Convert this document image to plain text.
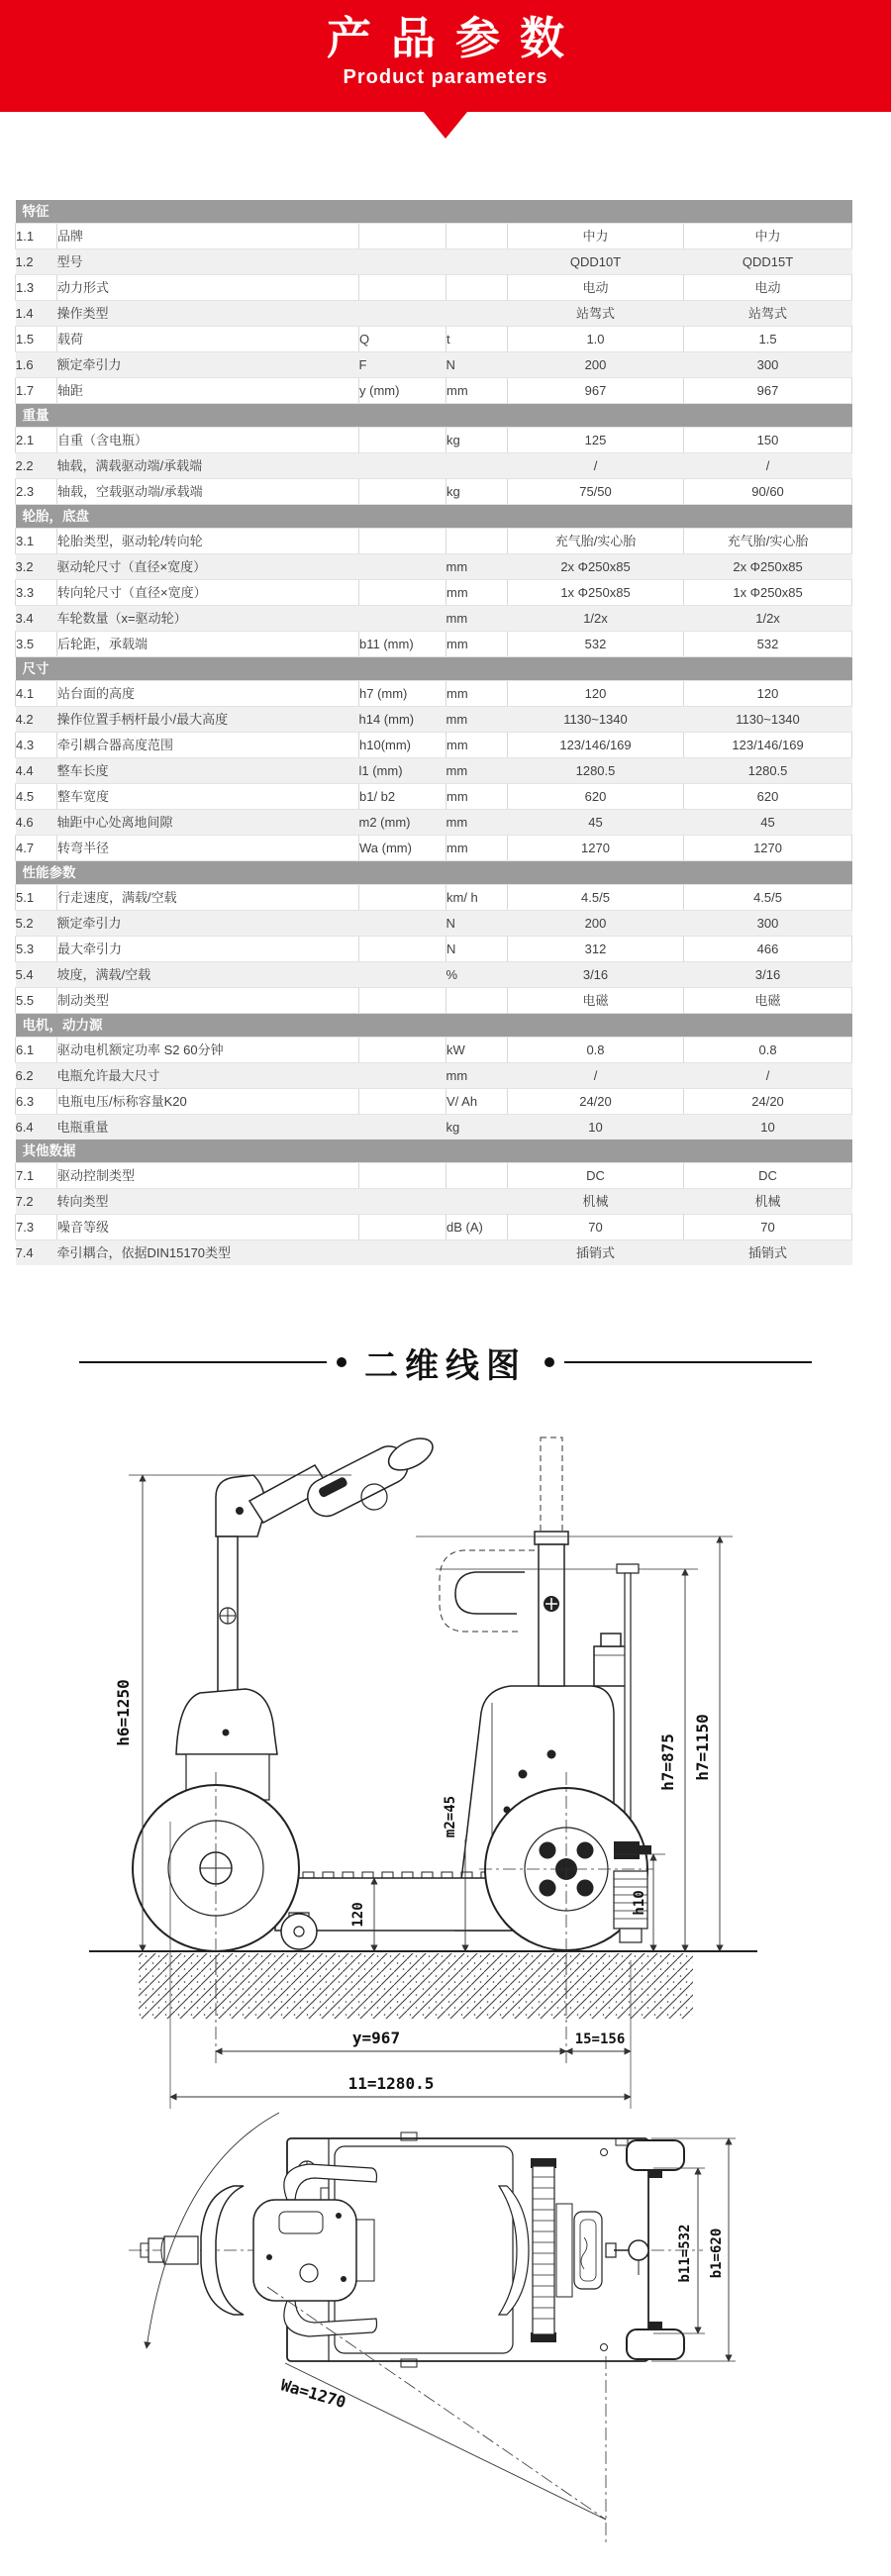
产品参数
Product parameters
特征					
1.1	品牌			中力	中力
1.2	型号			QDD10T	QDD15T
1.3	动力形式			电动	电动
1.4	操作类型			站驾式	站驾式
1.5	载荷	Q	t	1.0	1.5
1.6	额定牵引力	F	N	200	300
1.7	轴距	y (mm)	mm	967	967
重量					
2.1	自重（含电瓶）		kg	125	150
2.2	轴载，满载驱动端/承载端			/	/
2.3	轴载，空载驱动端/承载端		kg	75/50	90/60
轮胎，底盘					
3.1	轮胎类型，驱动轮/转向轮			充气胎/实心胎	充气胎/实心胎
3.2	驱动轮尺寸（直径×宽度）		mm	2x Φ250x85	2x Φ250x85
3.3	转向轮尺寸（直径×宽度）		mm	1x Φ250x85	1x Φ250x85
3.4	车轮数量（x=驱动轮）		mm	1/2x	1/2x
3.5	后轮距，承载端	b11 (mm)	mm	532	532
尺寸					
4.1	站台面的高度	h7 (mm)	mm	120	120
4.2	操作位置手柄杆最小/最大高度	h14 (mm)	mm	1130~1340	1130~1340
4.3	牵引耦合器高度范围	h10(mm)	mm	123/146/169	123/146/169
4.4	整车长度	l1 (mm)	mm	1280.5	1280.5
4.5	整车宽度	b1/ b2	mm	620	620
4.6	轴距中心处离地间隙	m2 (mm)	mm	45	45
4.7	转弯半径	Wa (mm)	mm	1270	1270
性能参数					
5.1	行走速度，满载/空载		km/ h	4.5/5	4.5/5
5.2	额定牵引力		N	200	300
5.3	最大牵引力		N	312	466
5.4	坡度，满载/空载		%	3/16	3/16
5.5	制动类型			电磁	电磁
电机，动力源					
6.1	驱动电机额定功率 S2 60分钟		kW	0.8	0.8
6.2	电瓶允许最大尺寸		mm	/	/
6.3	电瓶电压/标称容量K20		V/ Ah	24/20	24/20
6.4	电瓶重量		kg	10	10
其他数据					
7.1	驱动控制类型			DC	DC
7.2	转向类型			机械	机械
7.3	噪音等级		dB (A)	70	70
7.4	牵引耦合，依据DIN15170类型			插销式	插销式
二维线图
h6=1250
h7=875 h7=1150
h10
120
m2=45
y=967	15=156
11=1280.5
Wa=1270
b11=532 b1=620
